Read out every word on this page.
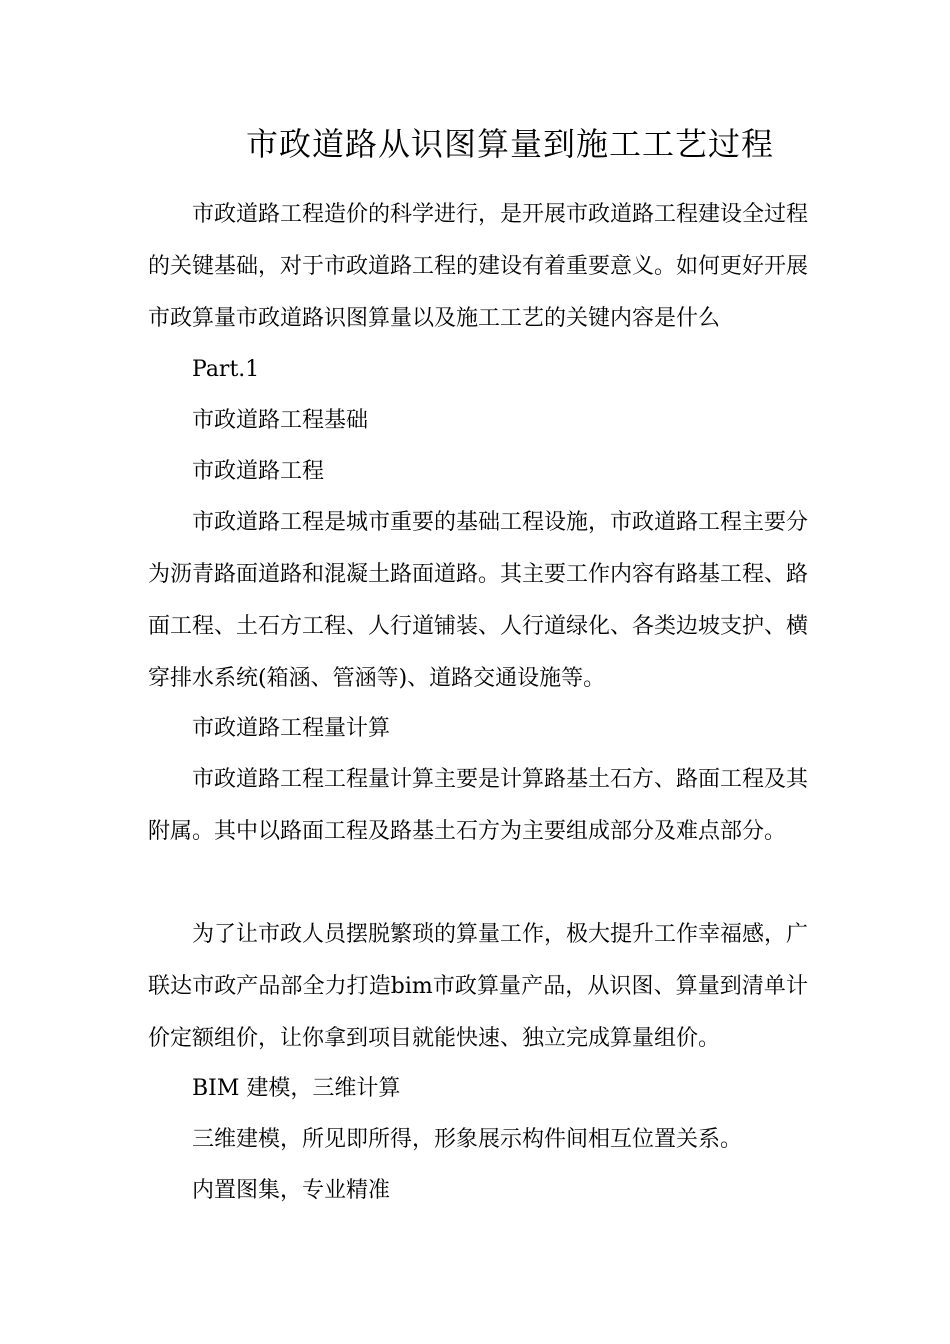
市政道路从识图算量到施工工艺过程

市政道路工程造价的科学进行，是开展市政道路工程建设全过程的关键基础，对于市政道路工程的建设有着重要意义。如何更好开展市政算量市政道路识图算量以及施工工艺的关键内容是什么

Part.1

市政道路工程基础

市政道路工程

市政道路工程是城市重要的基础工程设施，市政道路工程主要分为沥青路面道路和混凝土路面道路。其主要工作内容有路基工程、路面工程、土石方工程、人行道铺装、人行道绿化、各类边坡支护、横穿排水系统(箱涵、管涵等)、道路交通设施等。

市政道路工程量计算

市政道路工程工程量计算主要是计算路基土石方、路面工程及其附属。其中以路面工程及路基土石方为主要组成部分及难点部分。

为了让市政人员摆脱繁琐的算量工作，极大提升工作幸福感，广联达市政产品部全力打造bim市政算量产品，从识图、算量到清单计价定额组价，让你拿到项目就能快速、独立完成算量组价。

BIM 建模，三维计算

三维建模，所见即所得，形象展示构件间相互位置关系。

内置图集，专业精准
